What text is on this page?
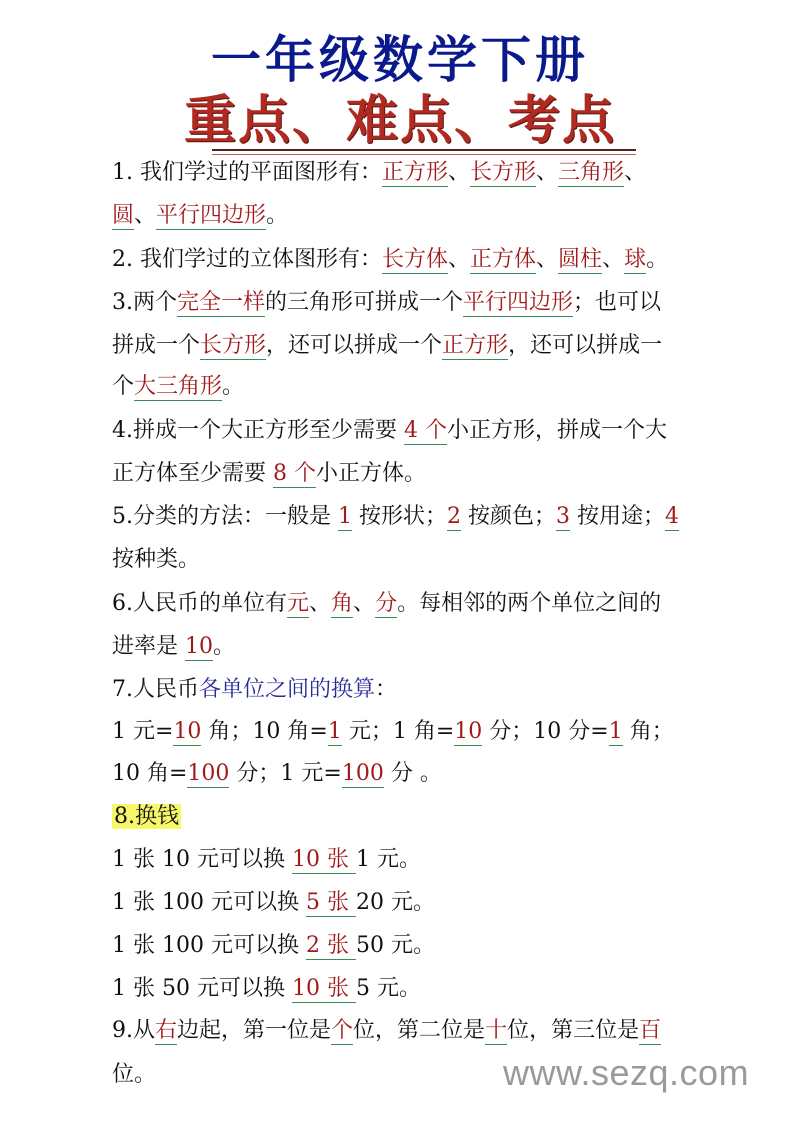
一年级数学下册
重点、难点、考点
1. 我们学过的平面图形有：正方形、长方形、三角形、
圆、平行四边形。
2. 我们学过的立体图形有：长方体、正方体、圆柱、球。
3.两个完全一样的三角形可拼成一个平行四边形；也可以
拼成一个长方形，还可以拼成一个正方形，还可以拼成一
个大三角形。
4.拼成一个大正方形至少需要 4 个小正方形，拼成一个大
正方体至少需要 8 个小正方体。
5.分类的方法：一般是 1 按形状；2 按颜色；3 按用途；4
按种类。
6.人民币的单位有元、角、分。每相邻的两个单位之间的
进率是 10。
7.人民币各单位之间的换算：
1 元=10 角；10 角=1 元；1 角=10 分；10 分=1 角；
10 角=100 分；1 元=100 分 。
8.换钱
1 张 10 元可以换 10 张 1 元。
1 张 100 元可以换 5 张 20 元。
1 张 100 元可以换 2 张 50 元。
1 张 50 元可以换 10 张 5 元。
9.从右边起，第一位是个位，第二位是十位，第三位是百
位。	www.sezq.com
